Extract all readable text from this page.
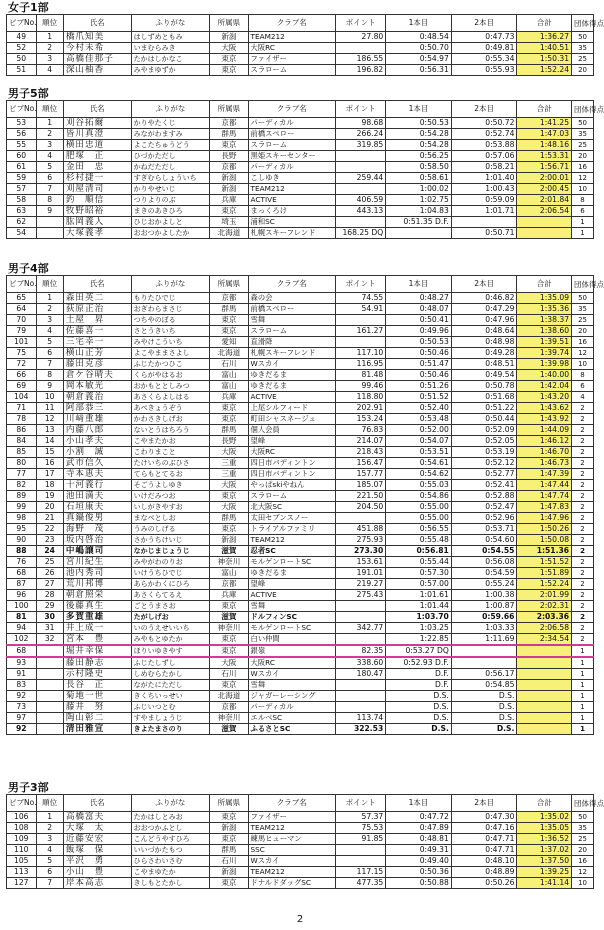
女子1部
ビブNo.	順位	氏名	ふりがな	所属県	クラブ名	ポイント	1本目	2本目	合計	団体得点
49	1	橋爪知美	はしずめともみ	新潟	TEAM212	27.80	0:48.54	0:47.73	1:36.27	50
52	2	今村未希	いまむらみき	大阪	大阪RC		0:50.70	0:49.81	1:40.51	35
50	3	高橋佳那子	たかはしかなこ	東京	ファイザー	186.55	0:54.97	0:55.34	1:50.31	25
51	4	深山柚香	みやまゆずか	東京	スラローム	196.82	0:56.31	0:55.93	1:52.24	20
男子5部
ビブNo.	順位	氏名	ふりがな	所属県	クラブ名	ポイント	1本目	2本目	合計	団体得点
53	1	刈谷拓爾	かりやたくじ	京都	パーディカル	98.68	0:50.53	0:50.72	1:41.25	50
56	2	皆川真澄	みながわますみ	群馬	前橋スペロー	266.24	0:54.28	0:52.74	1:47.03	35
55	3	横田忠道	よこたちゅうどう	東京	スラローム	319.85	0:54.28	0:53.88	1:48.16	25
60	4	肥塚　正	ひづかただし	長野	黒姫スキーセンター		0:56.25	0:57.06	1:53.31	20
61	5	金田　忠	かねだただし	京都	パーディカル		0:58.50	0:58.21	1:56.71	16
59	6	杉村捷一	すぎむらしょういち	新潟	こしゆき	259.44	0:58.61	1:01.40	2:00.01	12
57	7	刈屋清司	かりやせいじ	新潟	TEAM212		1:00.02	1:00.43	2:00.45	10
58	8	釣　順信	つりよりのぶ	兵庫	ACTIVE	406.59	1:02.75	0:59.09	2:01.84	8
63	9	牧野昭裕	まきのあきひろ	東京	まっくろけ	443.13	1:04.83	1:01.71	2:06.54	6
62		肱岡義人	ひじおかよしと	埼玉	浦和SC		0:51.35 D.F.			1
54		大塚義孝	おおつかよしたか	北海道	札幌スキーフレンド	168.25 DQ		0:50.71		1
男子4部
ビブNo.	順位	氏名	ふりがな	所属県	クラブ名	ポイント	1本目	2本目	合計	団体得点
65	1	森田英二	もりたひでじ	京都	森の会	74.55	0:48.27	0:46.82	1:35.09	50
64	2	荻原正治	おぎわらまさじ	群馬	前橋スペロー	54.91	0:48.07	0:47.29	1:35.36	35
70	3	土屋　昇	つちやのぼる	東京	雪舞		0:50.41	0:47.96	1:38.37	25
79	4	佐藤喜一	さとうきいち	東京	スラローム	161.27	0:49.96	0:48.64	1:38.60	20
101	5	三宅幸一	みやけこういち	愛知	直滑降		0:50.53	0:48.98	1:39.51	16
75	6	横山正芳	よこやままさよし	北海道	札幌スキーフレンド	117.10	0:50.46	0:49.28	1:39.74	12
72	7	藤田克彦	ふじたかつひこ	石川	Wスカイ	116.95	0:51.47	0:48.51	1:39.98	10
66	8	倉ケ谷晴夫	くらがやはるお	富山	ゆきだるま	81.48	0:50.46	0:49.54	1:40.00	8
69	9	岡本敏光	おかもととしみつ	富山	ゆきだるま	99.46	0:51.26	0:50.78	1:42.04	6
104	10	朝倉義治	あさくらよしはる	兵庫	ACTIVE	118.80	0:51.52	0:51.68	1:43.20	4
71	11	阿部恭三	あべきょうぞう	東京	上尾シルフィード	202.91	0:52.40	0:51.22	1:43.62	2
78	12	川﨑重雄	かわさきしげお	東京	町田シャスネージュ	153.24	0:53.48	0:50.44	1:43.92	2
86	13	内藤八郎	ないとうはちろう	群馬	個人会員	76.83	0:52.00	0:52.09	1:44.09	2
84	14	小山孝夫	こやまたかお	長野	望峰	214.07	0:54.07	0:52.05	1:46.12	2
85	15	小割　誠	こわりまこと	大阪	大阪RC	218.43	0:53.51	0:53.19	1:46.70	2
80	16	武市信久	たけいちのぶひさ	三重	四日市バディントン	156.47	0:54.61	0:52.12	1:46.73	2
77	17	寺本恵夫	てらもとてるお	三重	四日市バディントン	157.77	0:54.62	0:52.77	1:47.39	2
82	18	十河義行	そごうよしゆき	大阪	やっぱskiやねん	185.07	0:55.03	0:52.41	1:47.44	2
89	19	池田満夫	いけだみつお	東京	スラローム	221.50	0:54.86	0:52.88	1:47.74	2
99	20	石垣康夫	いしがきやすお	大阪	北大阪SC	204.50	0:55.00	0:52.47	1:47.83	2
98	21	真鍋俊男	まなべとしお	群馬	太田セブンスノー		0:55.00	0:52.96	1:47.96	2
95	22	海野　茂	うみのしげる	東京	トライアルファミリ	451.88	0:56.55	0:53.71	1:50.26	2
90	23	坂内啓治	さかうちけいじ	新潟	TEAM212	275.93	0:55.48	0:54.60	1:50.08	2
88	24	中嶋譲司	なかじまじょうじ	滋賀	忍者SC	273.30	0:56.81	0:54.55	1:51.36	2
76	25	宮川紀生	みやがわのりお	神奈川	モルゲンロートSC	153.61	0:55.44	0:56.08	1:51.52	2
68	26	池内秀司	いけうちひでじ	富山	ゆきだるま	191.01	0:57.30	0:54.59	1:51.89	2
87	27	荒川邦博	あらかわくにひろ	京都	望峰	219.27	0:57.00	0:55.24	1:52.24	2
96	28	朝倉照栄	あさくらてるえ	兵庫	ACTIVE	275.43	1:01.61	1:00.38	2:01.99	2
100	29	後藤真生	ごとうまさお	東京	雪舞		1:01.44	1:00.87	2:02.31	2
81	30	多賀重雄	たがしげお	滋賀	ドルフィンSC		1:03.70	0:59.66	2:03.36	2
94	31	井上成一	いのうえせいいち	神奈川	モルゲンロートSC	342.77	1:03.25	1:03.33	2:06.58	2
102	32	宮本　豊	みやもとゆたか	東京	白い仲間		1:22.85	1:11.69	2:34.54	2
68		堀井幸保	ほりいゆきやす	東京	銀嶺	82.35	0:53.27 DQ			1
93		藤田静志	ふじたしずし	大阪	大阪RC	338.60	0:52.93 D.F.			1
91		示村隆史	しめむらたかし	石川	Wスカイ	180.47	D.F.	0:56.17		1
83		長谷　正	ながたにただし	東京	雪舞		D.F.	0:54.85		1
92		菊地一世	きくちいっせい	北海道	ジャガーレーシング		D.S.	D.S.		1
73		藤井　努	ふじいつとむ	京都	パーディカル		D.S.	D.S.		1
97		陶山彰二	すやましょうじ	神奈川	エルベSC	113.74	D.S.	D.S.		1
92		清田雅宣	きよたまさのり	滋賀	ふるさとSC	322.53	D.S.	D.S.		1
男子3部
ビブNo.	順位	氏名	ふりがな	所属県	クラブ名	ポイント	1本目	2本目	合計	団体得点
106	1	高橋富夫	たかはしとみお	東京	ファイザー	57.37	0:47.72	0:47.30	1:35.02	50
108	2	大塚　太	おおつかふとし	新潟	TEAM212	75.53	0:47.89	0:47.16	1:35.05	35
109	3	近藤安宏	こんどうやすひろ	東京	練馬ヒューマン	91.85	0:48.81	0:47.71	1:36.52	25
110	4	飯塚　保	いいづかたもつ	群馬	SSC		0:49.31	0:47.71	1:37.02	20
105	5	平沢　勇	ひらさわいさむ	石川	Wスカイ		0:49.40	0:48.10	1:37.50	16
113	6	小山　豊	こやまゆたか	新潟	TEAM212	117.15	0:50.36	0:48.89	1:39.25	12
127	7	岸本高志	きしもとたかし	東京	ドナルドダッグSC	477.35	0:50.88	0:50.26	1:41.14	10
2
